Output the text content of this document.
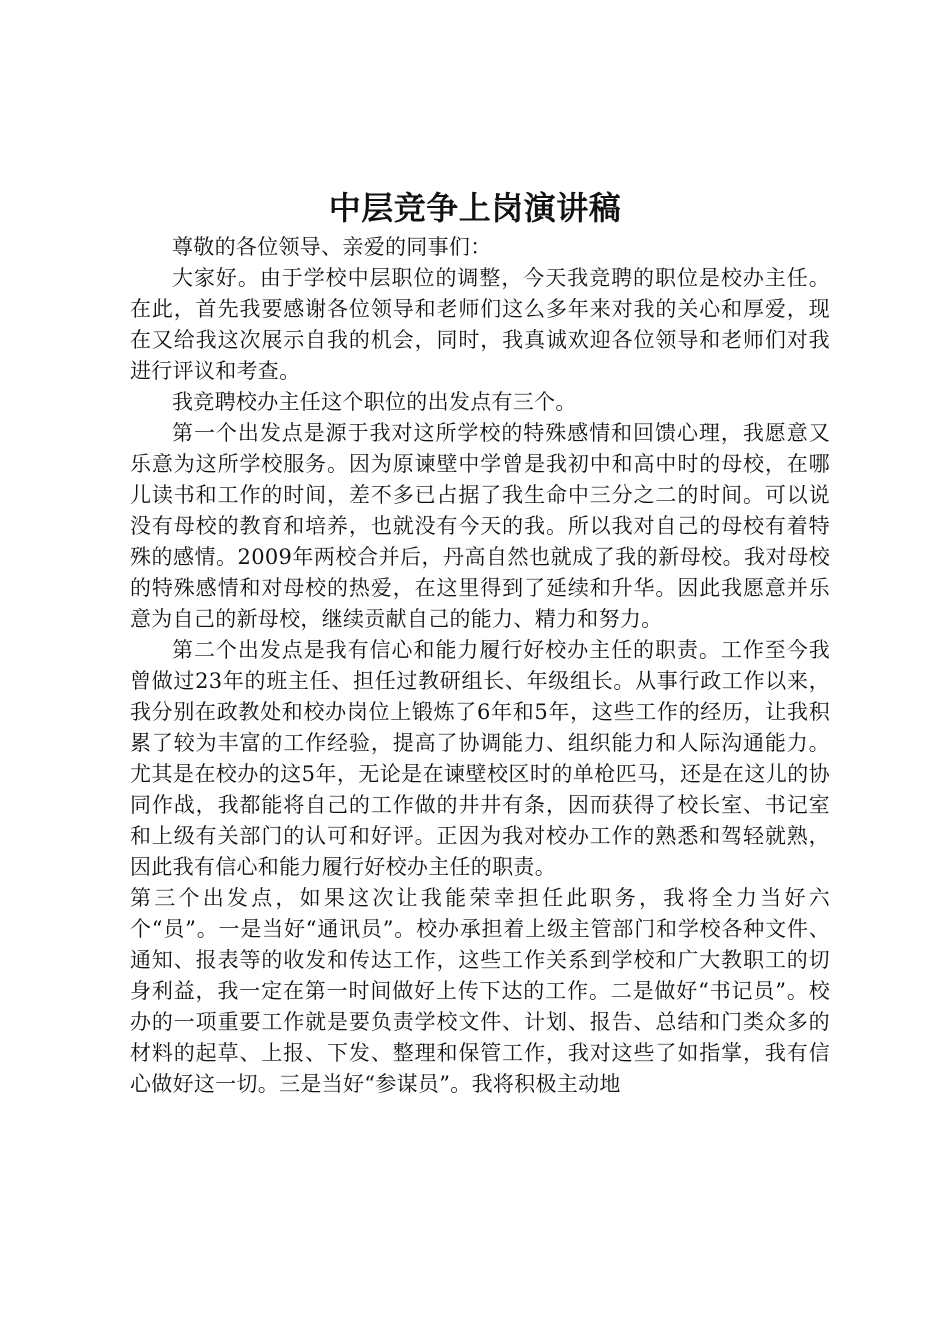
中层竞争上岗演讲稿

尊敬的各位领导、亲爱的同事们：

大家好。由于学校中层职位的调整，今天我竞聘的职位是校办主任。在此，首先我要感谢各位领导和老师们这么多年来对我的关心和厚爱，现在又给我这次展示自我的机会，同时，我真诚欢迎各位领导和老师们对我进行评议和考查。

我竞聘校办主任这个职位的出发点有三个。

第一个出发点是源于我对这所学校的特殊感情和回馈心理，我愿意又乐意为这所学校服务。因为原谏壁中学曾是我初中和高中时的母校，在哪儿读书和工作的时间，差不多已占据了我生命中三分之二的时间。可以说没有母校的教育和培养，也就没有今天的我。所以我对自己的母校有着特殊的感情。2009年两校合并后，丹高自然也就成了我的新母校。我对母校的特殊感情和对母校的热爱，在这里得到了延续和升华。因此我愿意并乐意为自己的新母校，继续贡献自己的能力、精力和努力。

第二个出发点是我有信心和能力履行好校办主任的职责。工作至今我曾做过23年的班主任、担任过教研组长、年级组长。从事行政工作以来，我分别在政教处和校办岗位上锻炼了6年和5年，这些工作的经历，让我积累了较为丰富的工作经验，提高了协调能力、组织能力和人际沟通能力。尤其是在校办的这5年，无论是在谏壁校区时的单枪匹马，还是在这儿的协同作战，我都能将自己的工作做的井井有条，因而获得了校长室、书记室和上级有关部门的认可和好评。正因为我对校办工作的熟悉和驾轻就熟，因此我有信心和能力履行好校办主任的职责。

第三个出发点，如果这次让我能荣幸担任此职务，我将全力当好六个“员”。一是当好“通讯员”。校办承担着上级主管部门和学校各种文件、通知、报表等的收发和传达工作，这些工作关系到学校和广大教职工的切身利益，我一定在第一时间做好上传下达的工作。二是做好“书记员”。校办的一项重要工作就是要负责学校文件、计划、报告、总结和门类众多的材料的起草、上报、下发、整理和保管工作，我对这些了如指掌，我有信心做好这一切。三是当好“参谋员”。我将积极主动地
